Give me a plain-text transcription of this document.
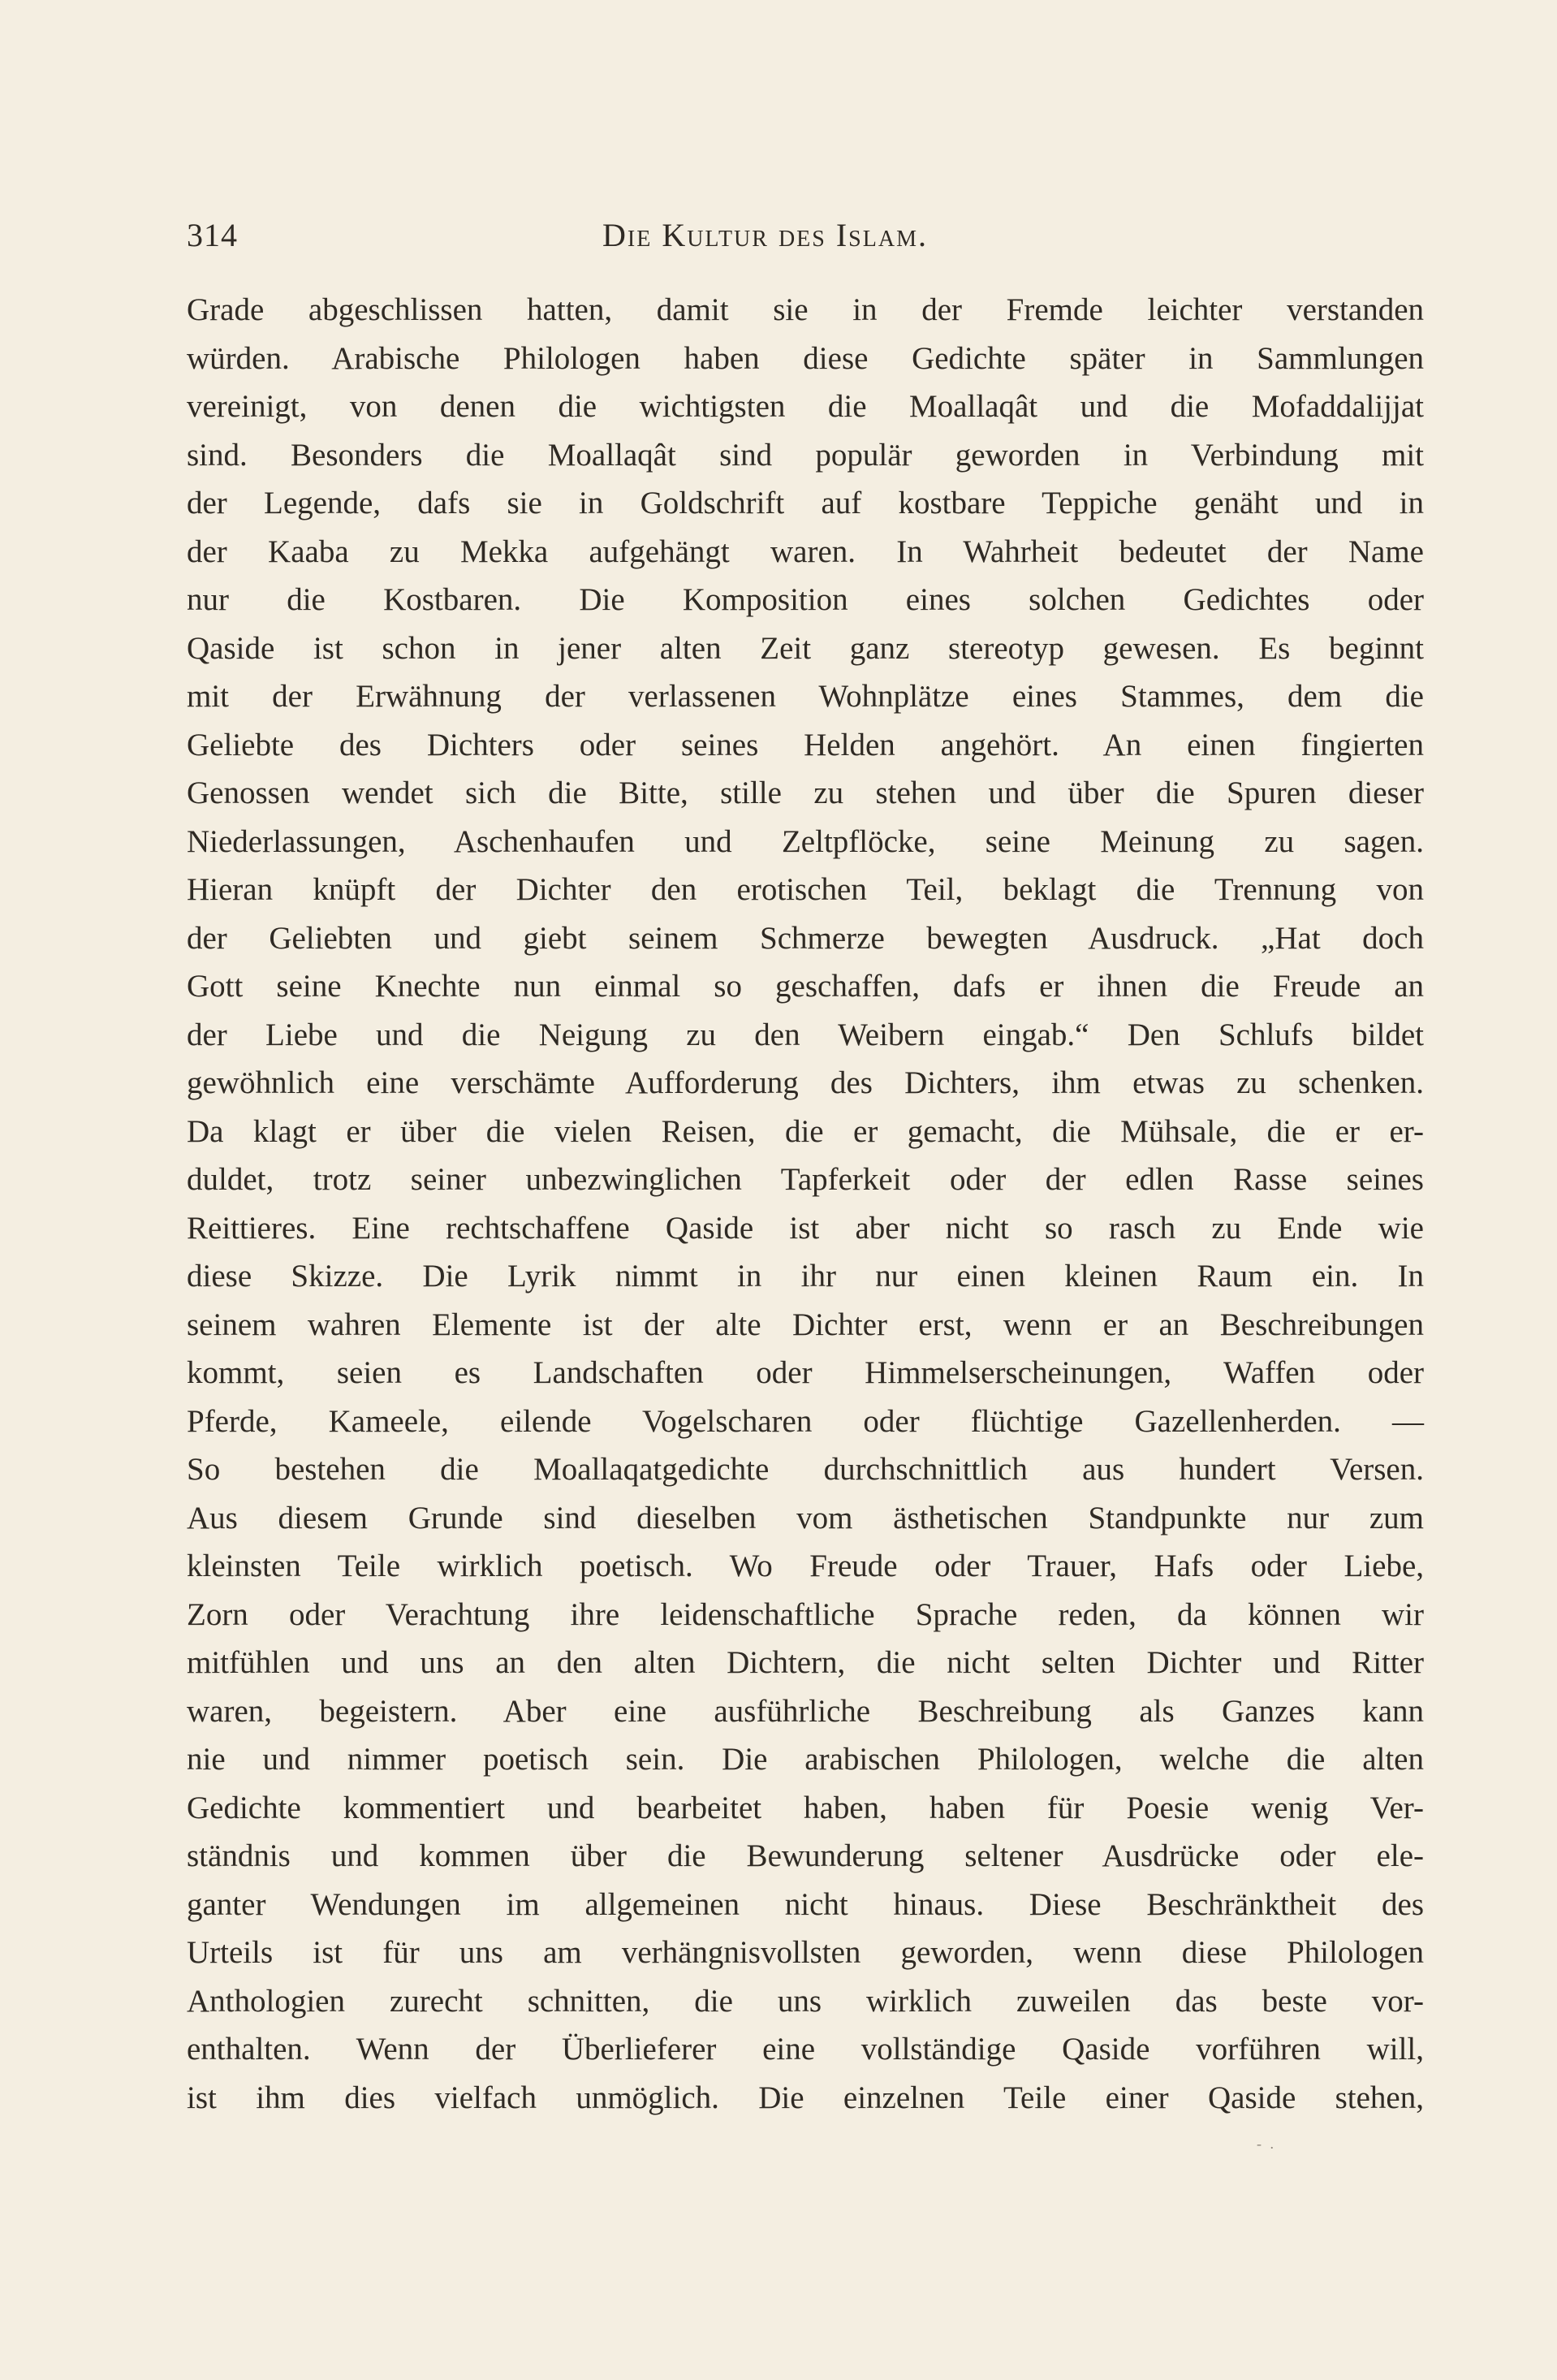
314	Die Kultur des Islam.
Grade abgeschlissen hatten, damit sie in der Fremde leichter verstanden
würden. Arabische Philologen haben diese Gedichte später in Sammlungen
vereinigt, von denen die wichtigsten die Moallaqât und die Mofaddalijjat
sind. Besonders die Moallaqât sind populär geworden in Verbindung mit
der Legende, dafs sie in Goldschrift auf kostbare Teppiche genäht und in
der Kaaba zu Mekka aufgehängt waren. In Wahrheit bedeutet der Name
nur die Kostbaren. Die Komposition eines solchen Gedichtes oder
Qaside ist schon in jener alten Zeit ganz stereotyp gewesen. Es beginnt
mit der Erwähnung der verlassenen Wohnplätze eines Stammes, dem die
Geliebte des Dichters oder seines Helden angehört. An einen fingierten
Genossen wendet sich die Bitte, stille zu stehen und über die Spuren dieser
Niederlassungen, Aschenhaufen und Zeltpflöcke, seine Meinung zu sagen.
Hieran knüpft der Dichter den erotischen Teil, beklagt die Trennung von
der Geliebten und giebt seinem Schmerze bewegten Ausdruck. „Hat doch
Gott seine Knechte nun einmal so geschaffen, dafs er ihnen die Freude an
der Liebe und die Neigung zu den Weibern eingab.“ Den Schlufs bildet
gewöhnlich eine verschämte Aufforderung des Dichters, ihm etwas zu schenken.
Da klagt er über die vielen Reisen, die er gemacht, die Mühsale, die er er-
duldet, trotz seiner unbezwinglichen Tapferkeit oder der edlen Rasse seines
Reittieres. Eine rechtschaffene Qaside ist aber nicht so rasch zu Ende wie
diese Skizze. Die Lyrik nimmt in ihr nur einen kleinen Raum ein. In
seinem wahren Elemente ist der alte Dichter erst, wenn er an Beschreibungen
kommt, seien es Landschaften oder Himmelserscheinungen, Waffen oder
Pferde, Kameele, eilende Vogelscharen oder flüchtige Gazellenherden. —
So bestehen die Moallaqatgedichte durchschnittlich aus hundert Versen.
Aus diesem Grunde sind dieselben vom ästhetischen Standpunkte nur zum
kleinsten Teile wirklich poetisch. Wo Freude oder Trauer, Hafs oder Liebe,
Zorn oder Verachtung ihre leidenschaftliche Sprache reden, da können wir
mitfühlen und uns an den alten Dichtern, die nicht selten Dichter und Ritter
waren, begeistern. Aber eine ausführliche Beschreibung als Ganzes kann
nie und nimmer poetisch sein. Die arabischen Philologen, welche die alten
Gedichte kommentiert und bearbeitet haben, haben für Poesie wenig Ver-
ständnis und kommen über die Bewunderung seltener Ausdrücke oder ele-
ganter Wendungen im allgemeinen nicht hinaus. Diese Beschränktheit des
Urteils ist für uns am verhängnisvollsten geworden, wenn diese Philologen
Anthologien zurecht schnitten, die uns wirklich zuweilen das beste vor-
enthalten. Wenn der Überlieferer eine vollständige Qaside vorführen will,
ist ihm dies vielfach unmöglich. Die einzelnen Teile einer Qaside stehen,
- .
